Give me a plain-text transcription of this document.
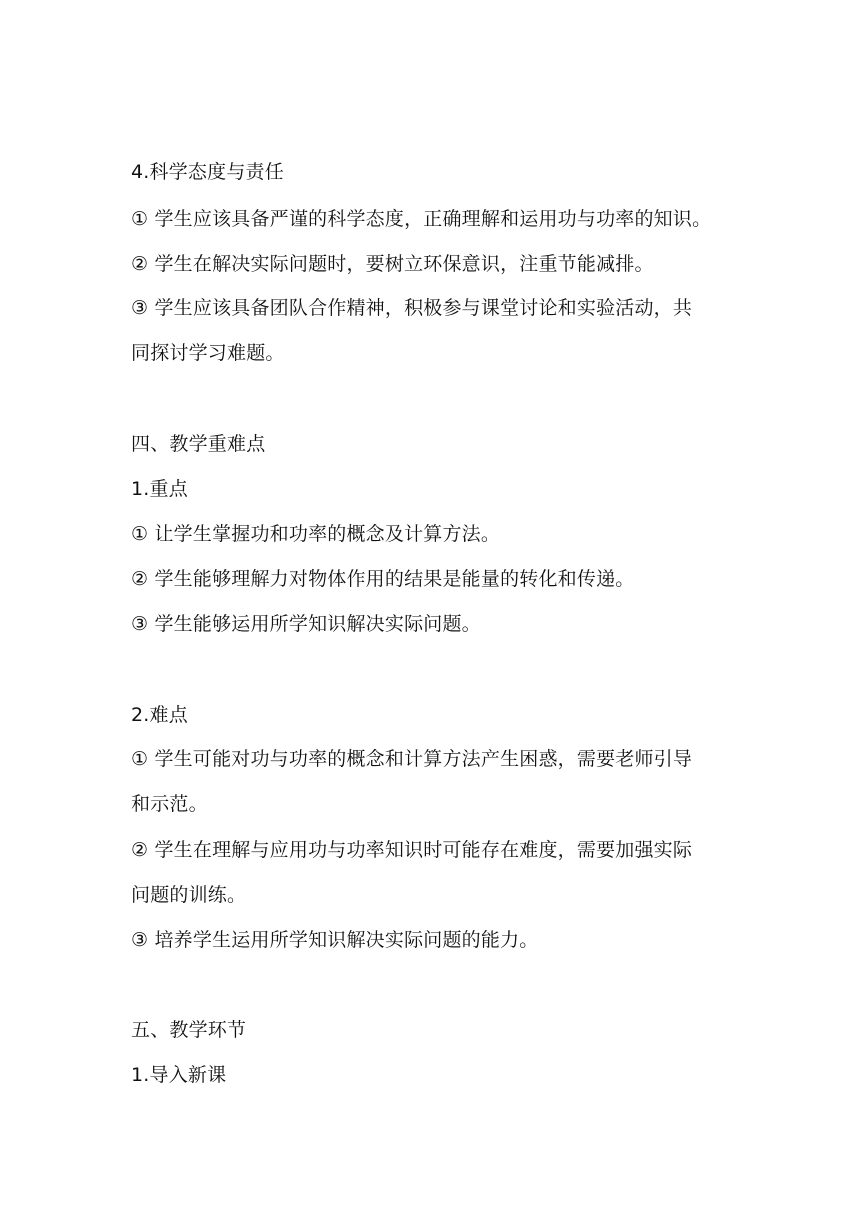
4.科学态度与责任
① 学生应该具备严谨的科学态度，正确理解和运用功与功率的知识。
② 学生在解决实际问题时，要树立环保意识，注重节能减排。
③ 学生应该具备团队合作精神，积极参与课堂讨论和实验活动，共
同探讨学习难题。
四、教学重难点
1.重点
① 让学生掌握功和功率的概念及计算方法。
② 学生能够理解力对物体作用的结果是能量的转化和传递。
③ 学生能够运用所学知识解决实际问题。
2.难点
① 学生可能对功与功率的概念和计算方法产生困惑，需要老师引导
和示范。
② 学生在理解与应用功与功率知识时可能存在难度，需要加强实际
问题的训练。
③ 培养学生运用所学知识解决实际问题的能力。
五、教学环节
1.导入新课
